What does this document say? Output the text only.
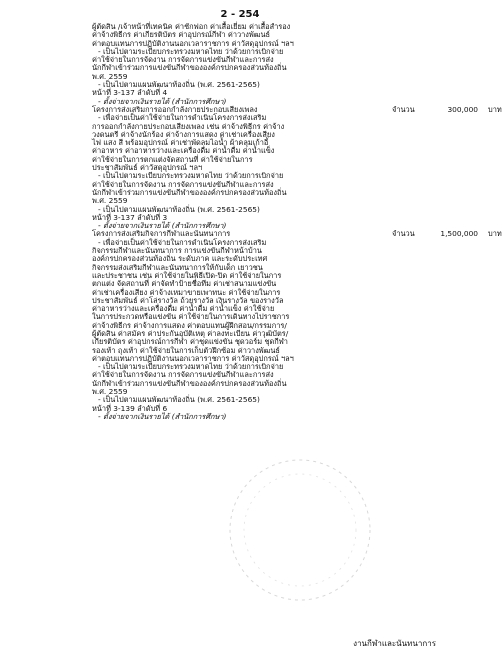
2 - 254
ผู้ตัดสิน /เจ้าหน้าที่เทคนิค ค่าชักฟอก ค่าเสื้อเยี่ยม ค่าเสื้อสำรอง
ค่าจ้างพิธีกร ค่าเกียรติบัตร ค่าอุปกรณ์กีฬา ค่าวางพัฒนธ์
ค่าตอบแทนการปฏิบัติงานนอกเวลาราชการ ค่าวัสดุอุปกรณ์ ฯลฯ
- เป็นไปตามระเบียบกระทรวงมหาดไทย ว่าด้วยการเบิกจ่าย
ค่าใช้จ่ายในการจัดงาน การจัดการแข่งขันกีฬาและการส่ง
นักกีฬาเข้าร่วมการแข่งขันกีฬาขององค์กรปกครองส่วนท้องถิ่น
พ.ศ. 2559
- เป็นไปตามแผนพัฒนาท้องถิ่น (พ.ศ. 2561-2565)
หน้าที่ 3-137 ลำดับที่ 4
- ตั้งจ่ายจากเงินรายได้ (สำนักการศึกษา)
โครงการส่งเสริมการออกกำลังกายประกอบเสียงเพลง	จำนวน	300,000 บาท
- เพื่อจ่ายเป็นค่าใช้จ่ายในการดำเนินโครงการส่งเสริม
การออกกำลังกายประกอบเสียงเพลง เช่น ค่าจ้างพิธีกร ค่าจ้าง
วงดนตรี ค่าจ้างนักร้อง ค่าจ้างการแสดง ค่าเช่าเครื่องเสียง
ไฟ แสง สี พร้อมอุปกรณ์ ค่าเช่าพัดลมไอน้ำ ผ้าคลุมเก้าอี้
ค่าอาหาร ค่าอาหารว่างและเครื่องดื่ม ค่าน้ำดื่ม ค่าน้ำแข็ง
ค่าใช้จ่ายในการตกแต่งจัดสถานที่ ค่าใช้จ่ายในการ
ประชาสัมพันธ์ ค่าวัสดุอุปกรณ์ ฯลฯ
- เป็นไปตามระเบียบกระทรวงมหาดไทย ว่าด้วยการเบิกจ่าย
ค่าใช้จ่ายในการจัดงาน การจัดการแข่งขันกีฬาและการส่ง
นักกีฬาเข้าร่วมการแข่งขันกีฬาขององค์กรปกครองส่วนท้องถิ่น
พ.ศ. 2559
- เป็นไปตามแผนพัฒนาท้องถิ่น (พ.ศ. 2561-2565)
หน้าที่ 3-137 ลำดับที่ 3
- ตั้งจ่ายจากเงินรายได้ (สำนักการศึกษา)
โครงการส่งเสริมกิจการกีฬาและนันทนาการ	จำนวน	1,500,000 บาท
- เพื่อจ่ายเป็นค่าใช้จ่ายในการดำเนินโครงการส่งเสริม
กิจกรรมกีฬาและนันทนาการ การแข่งขันกีฬาหน้าบ้าน
องค์กรปกครองส่วนท้องถิ่น ระดับภาค และระดับประเทศ
กิจกรรมส่งเสริมกีฬาและนันทนาการให้กับเด็ก เยาวชน
และประชาชน เช่น ค่าใช้จ่ายในพิธีเปิด-ปิด ค่าใช้จ่ายในการ
ตกแต่ง จัดสถานที่ ค่าจัดทำป้ายชื่อทีม ค่าเช่าสนามแข่งขัน
ค่าเช่าเครื่องเสียง ค่าจ้างเหมาขายเพาทนะ ค่าใช้จ่ายในการ
ประชาสัมพันธ์ ค่าโล่รางวัล ถ้วยรางวัล เงินรางวัล ของรางวัล
ค่าอาหารว่างและเครื่องดื่ม ค่าน้ำดื่ม ค่าน้ำแข็ง ค่าใช้จ่าย
ในการประกวดหรือแข่งขัน ค่าใช้จ่ายในการเดินทางไปราชการ
ค่าจ้างพิธีกร ค่าจ้างการแสดง ค่าตอบแทนผู้ฝึกสอน/กรรมการ/
ผู้ตัดสิน ค่าสมัคร ค่าประกันอุบัติเหตุ ค่าลงทะเบียน ค่าวุฒิบัตร/
เกียรติบัตร ค่าอุปกรณ์การกีฬา ค่าชุดแข่งขัน ชุดวอร์ม ชุดกีฬา
รองเท้า ถุงเท้า ค่าใช้จ่ายในการเก็บตัวฝึกซ้อม ค่าวางพัฒนธ์
ค่าตอบแทนการปฏิบัติงานนอกเวลาราชการ ค่าวัสดุอุปกรณ์ ฯลฯ
- เป็นไปตามระเบียบกระทรวงมหาดไทย ว่าด้วยการเบิกจ่าย
ค่าใช้จ่ายในการจัดงาน การจัดการแข่งขันกีฬาและการส่ง
นักกีฬาเข้าร่วมการแข่งขันกีฬาขององค์กรปกครองส่วนท้องถิ่น
พ.ศ. 2559
- เป็นไปตามแผนพัฒนาท้องถิ่น (พ.ศ. 2561-2565)
หน้าที่ 3-139 ลำดับที่ 6
- ตั้งจ่ายจากเงินรายได้ (สำนักการศึกษา)
งานกีฬาและนันทนาการ
